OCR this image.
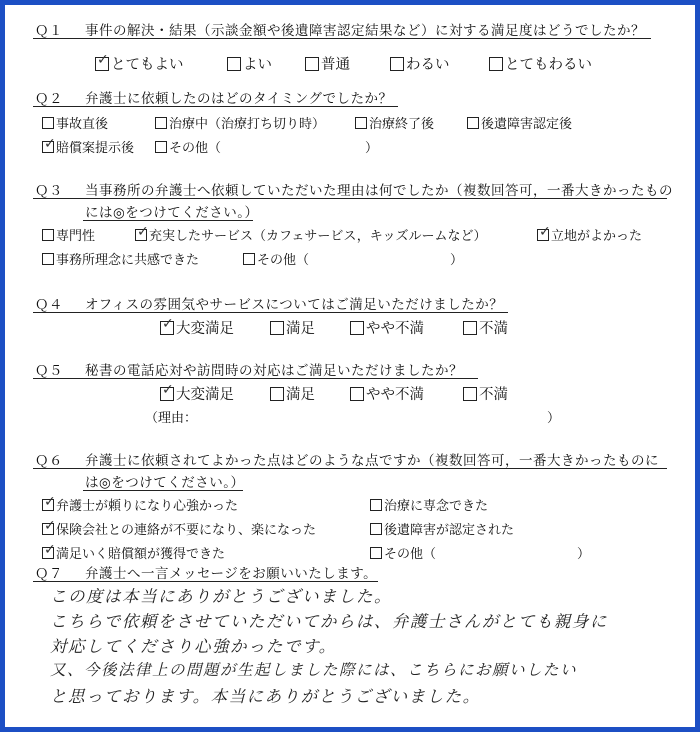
Ｑ１ 事件の解決・結果（示談金額や後遺障害認定結果など）に対する満足度はどうでしたか？
✓ とてもよい	よい	普通	わるい	とてもわるい
Ｑ２ 弁護士に依頼したのはどのタイミングでしたか？
事故直後	治療中（治療打ち切り時）	治療終了後	後遺障害認定後
✓ 賠償案提示後	その他（	）
Ｑ３ 当事務所の弁護士へ依頼していただいた理由は何でしたか（複数回答可，一番大きかったもの
には◎をつけてください。）
専門性	✓ 充実したサービス（カフェサービス，キッズルームなど）	✓ 立地がよかった
事務所理念に共感できた	その他（	）
Ｑ４ オフィスの雰囲気やサービスについてはご満足いただけましたか？
✓ 大変満足	満足	やや不満	不満
Ｑ５ 秘書の電話応対や訪問時の対応はご満足いただけましたか？
✓ 大変満足	満足	やや不満	不満
（理由：	）
Ｑ６ 弁護士に依頼されてよかった点はどのような点ですか（複数回答可，一番大きかったものに
は◎をつけてください。）
✓ 弁護士が頼りになり心強かった	治療に専念できた
✓ 保険会社との連絡が不要になり、楽になった	後遺障害が認定された
✓ 満足いく賠償額が獲得できた	その他（	）
Ｑ７ 弁護士へ一言メッセージをお願いいたします。
この度は本当にありがとうございました。
こちらで依頼をさせていただいてからは、弁護士さんがとても親身に
対応してくださり心強かったです。
又、今後法律上の問題が生起しました際には、こちらにお願いしたい
と思っております。本当にありがとうございました。
